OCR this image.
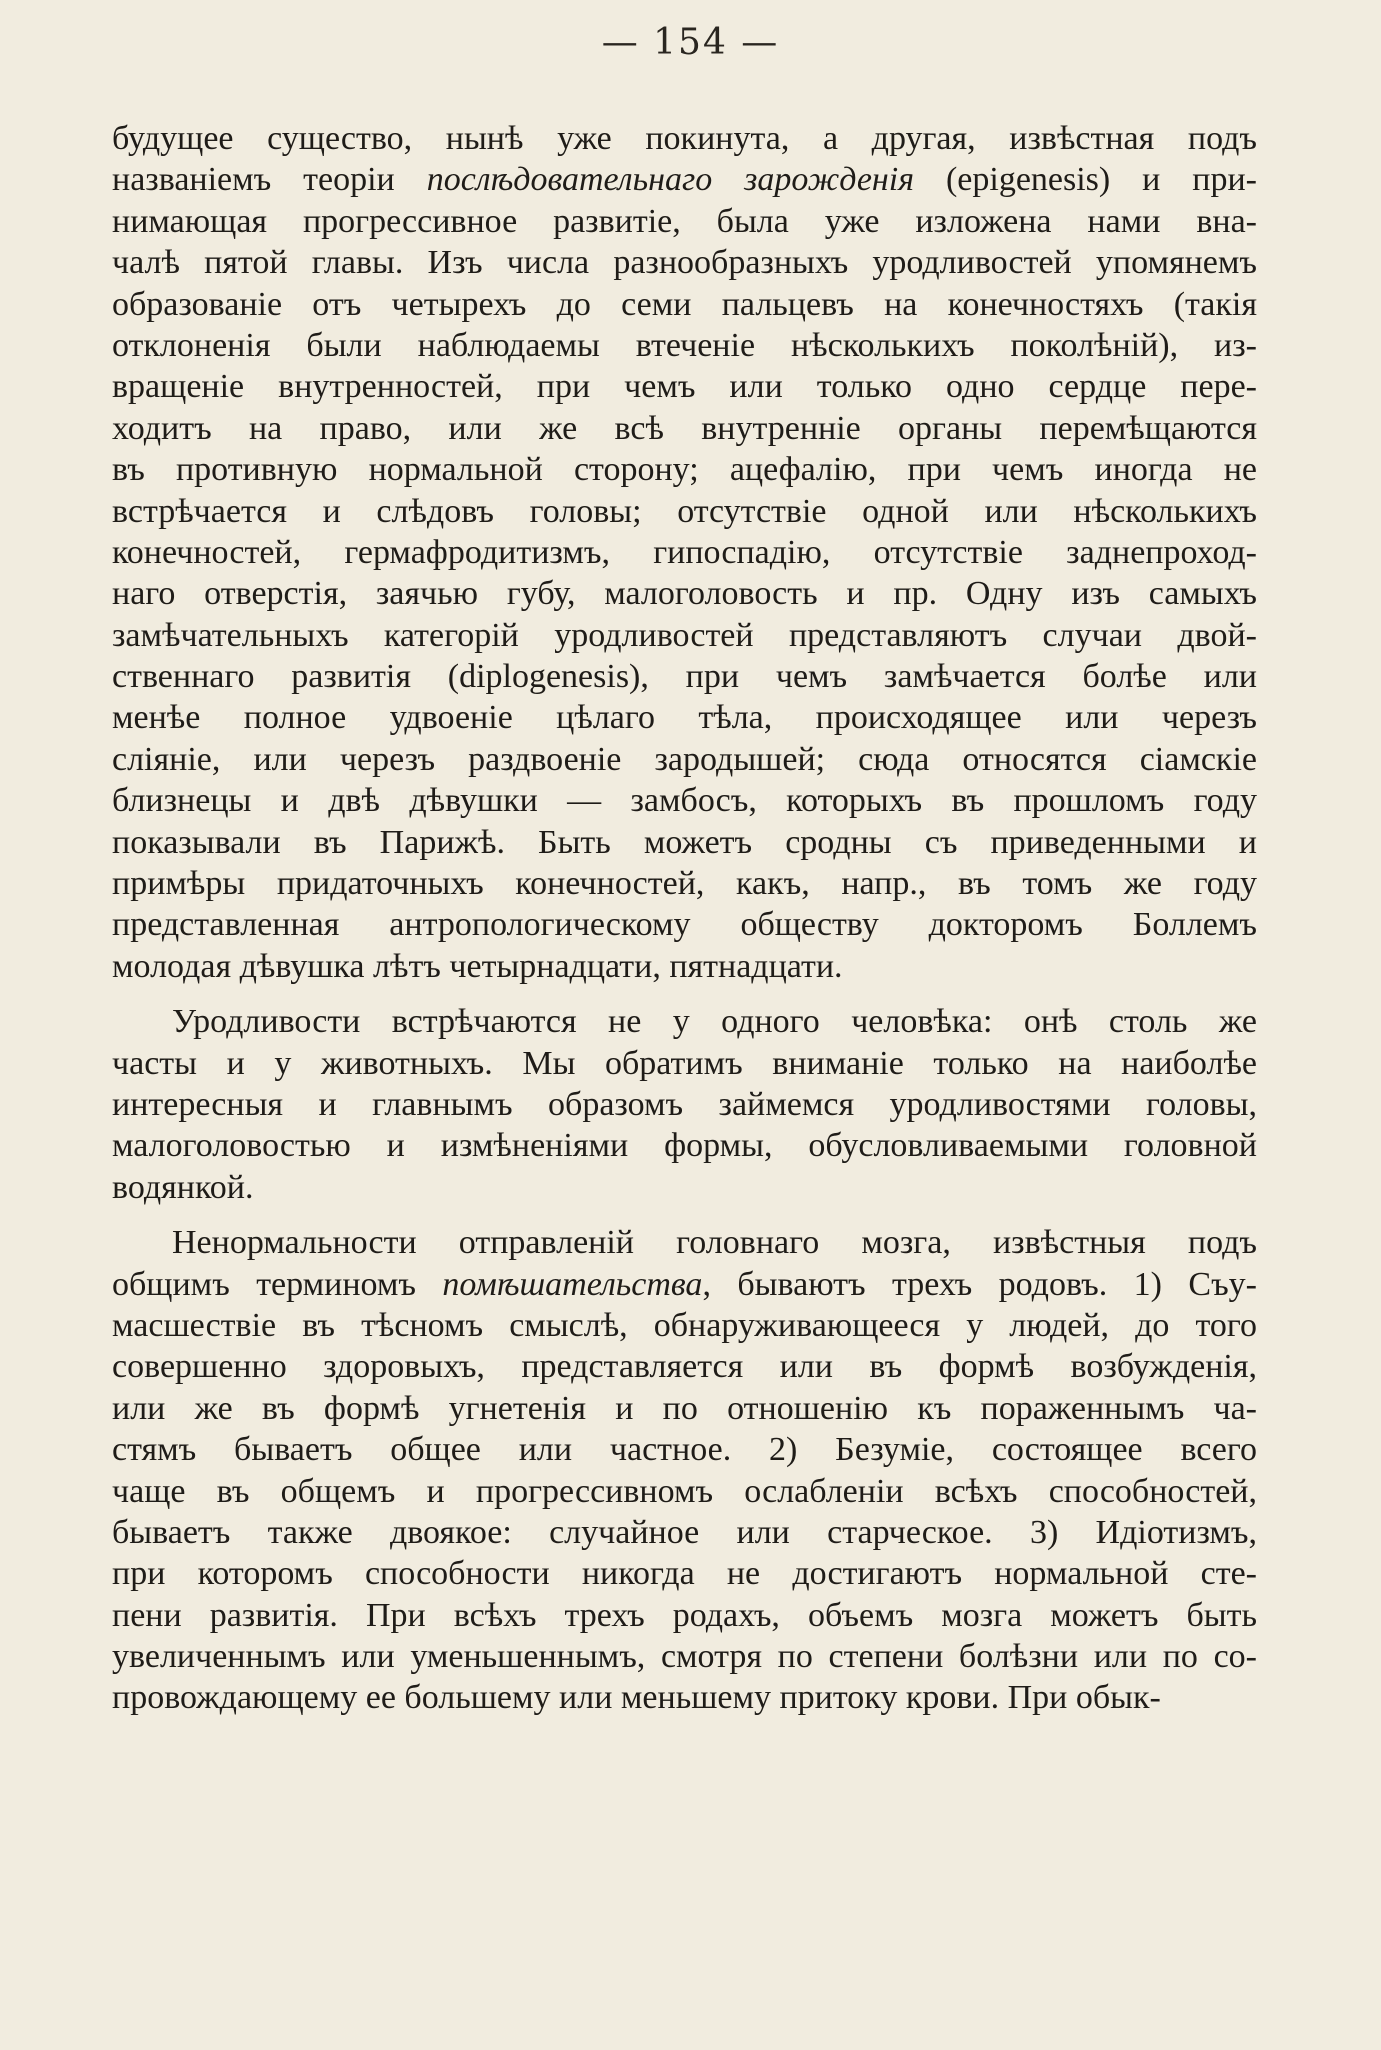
— 154 —
будущее существо, нынѣ уже покинута, а другая, извѣстная подъ
названіемъ теоріи послѣдовательнаго зарожденія (epigenesis) и при-
нимающая прогрессивное развитіе, была уже изложена нами вна-
чалѣ пятой главы. Изъ числа разнообразныхъ уродливостей упомянемъ
образованіе отъ четырехъ до семи пальцевъ на конечностяхъ (такія
отклоненія были наблюдаемы втеченіе нѣсколькихъ поколѣній), из-
вращеніе внутренностей, при чемъ или только одно сердце пере-
ходитъ на право, или же всѣ внутренніе органы перемѣщаются
въ противную нормальной сторону; ацефалію, при чемъ иногда не
встрѣчается и слѣдовъ головы; отсутствіе одной или нѣсколькихъ
конечностей, гермафродитизмъ, гипоспадію, отсутствіе заднепроход-
наго отверстія, заячью губу, малоголовость и пр. Одну изъ самыхъ
замѣчательныхъ категорій уродливостей представляютъ случаи двой-
ственнаго развитія (diplogenesis), при чемъ замѣчается болѣе или
менѣе полное удвоеніе цѣлаго тѣла, происходящее или черезъ
сліяніе, или черезъ раздвоеніе зародышей; сюда относятся сіамскіе
близнецы и двѣ дѣвушки — замбосъ, которыхъ въ прошломъ году
показывали въ Парижѣ. Быть можетъ сродны съ приведенными и
примѣры придаточныхъ конечностей, какъ, напр., въ томъ же году
представленная антропологическому обществу докторомъ Боллемъ
молодая дѣвушка лѣтъ четырнадцати, пятнадцати.
Уродливости встрѣчаются не у одного человѣка: онѣ столь же
часты и у животныхъ. Мы обратимъ вниманіе только на наиболѣе
интересныя и главнымъ образомъ займемся уродливостями головы,
малоголовостью и измѣненіями формы, обусловливаемыми головной
водянкой.
Ненормальности отправленій головнаго мозга, извѣстныя подъ
общимъ терминомъ помѣшательства, бываютъ трехъ родовъ. 1) Съу-
масшествіе въ тѣсномъ смыслѣ, обнаруживающееся у людей, до того
совершенно здоровыхъ, представляется или въ формѣ возбужденія,
или же въ формѣ угнетенія и по отношенію къ пораженнымъ ча-
стямъ бываетъ общее или частное. 2) Безуміе, состоящее всего
чаще въ общемъ и прогрессивномъ ослабленіи всѣхъ способностей,
бываетъ также двоякое: случайное или старческое. 3) Идіотизмъ,
при которомъ способности никогда не достигаютъ нормальной сте-
пени развитія. При всѣхъ трехъ родахъ, объемъ мозга можетъ быть
увеличеннымъ или уменьшеннымъ, смотря по степени болѣзни или по со-
провождающему ее большему или меньшему притоку крови. При обык-
